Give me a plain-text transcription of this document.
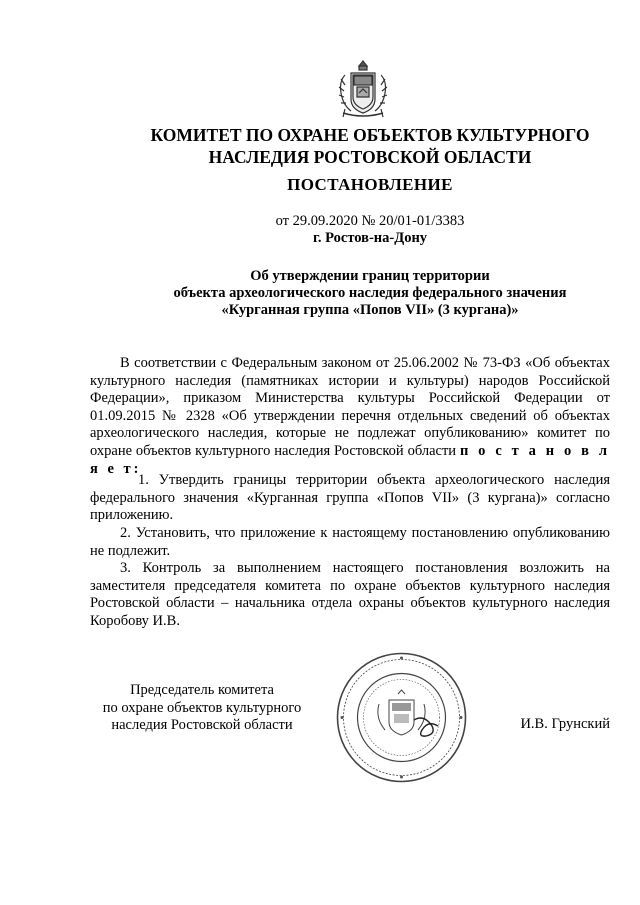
КОМИТЕТ ПО ОХРАНЕ ОБЪЕКТОВ КУЛЬТУРНОГО
НАСЛЕДИЯ РОСТОВСКОЙ ОБЛАСТИ
ПОСТАНОВЛЕНИЕ
от 29.09.2020 № 20/01-01/3383
г. Ростов-на-Дону
Об утверждении границ территории
объекта археологического наследия федерального значения
«Курганная группа «Попов VII» (3 кургана)»

В соответствии с Федеральным законом от 25.06.2002 № 73-ФЗ «Об объектах культурного наследия (памятниках истории и культуры) народов Российской Федерации», приказом Министерства культуры Российской Федерации от 01.09.2015 № 2328 «Об утверждении перечня отдельных сведений об объектах археологического наследия, которые не подлежат опубликованию» комитет по охране объектов культурного наследия Ростовской области п о с т а н о в л я е т:

1. Утвердить границы территории объекта археологического наследия федерального значения «Курганная группа «Попов VII» (3 кургана)» согласно приложению.

2. Установить, что приложение к настоящему постановлению опубликованию не подлежит.

3. Контроль за выполнением настоящего постановления возложить на заместителя председателя комитета по охране объектов культурного наследия Ростовской области – начальника отдела охраны объектов культурного наследия Коробову И.В.

Председатель комитета
по охране объектов культурного
наследия Ростовской области	И.В. Грунский
